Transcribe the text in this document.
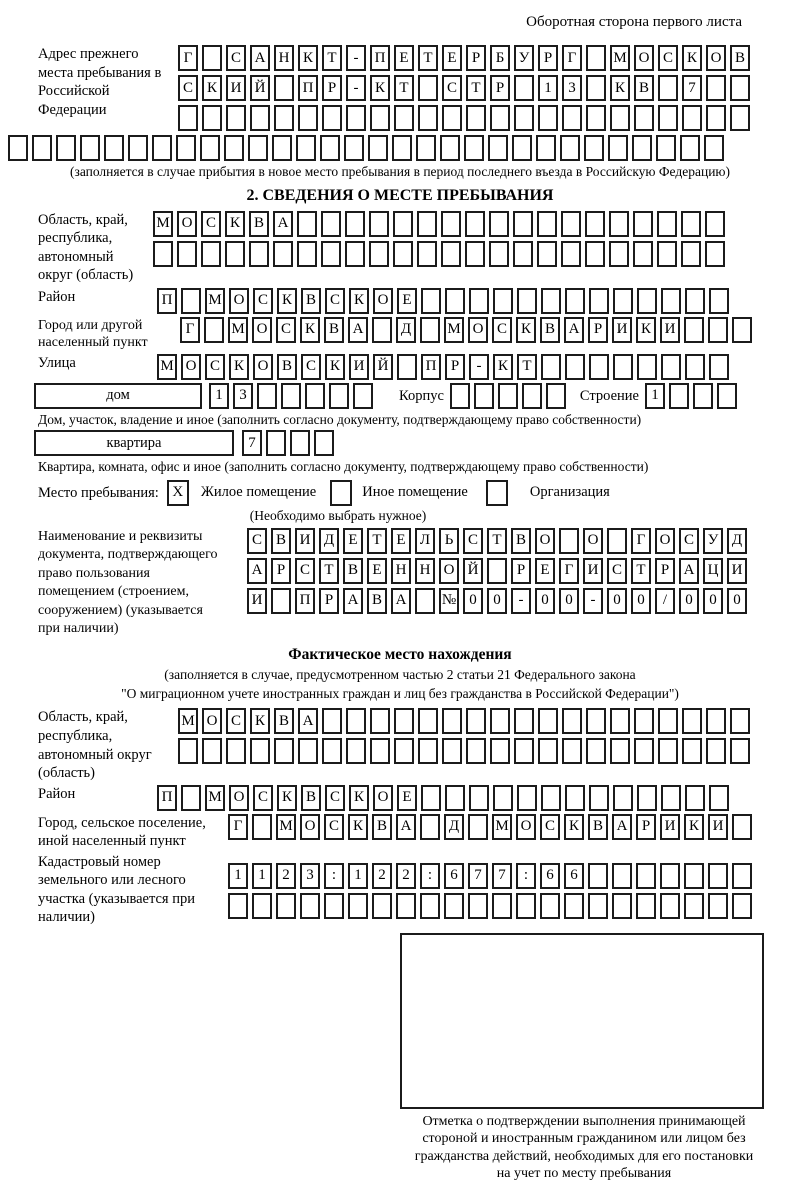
Оборотная сторона первого листа
Адрес прежнего места пребывания в Российской Федерации
Г	С А Н К Т	-	П Е Т Е	Р	Б У Р	Г	М О С К О В
С К И Й	П Р	-	К Т	С Т	Р	1	3	К В	7
(заполняется в случае прибытия в новое место пребывания в период последнего въезда в Российскую Федерацию)
2. СВЕДЕНИЯ О МЕСТЕ ПРЕБЫВАНИЯ
Область, край, республика, автономный округ (область)
М О С К В А
Район	П	М О С К В С К О Е
Город или другой населенный пункт
Г	М О С К В А	Д	М О С К В А Р И К И
Улица	М О С К О В С К И Й	П Р	-	К Т
дом	1	3	Корпус	Строение 1
Дом, участок, владение и иное (заполнить согласно документу, подтверждающему право собственности)
квартира	7
Квартира, комната, офис и иное (заполнить согласно документу, подтверждающему право собственности)
Место пребывания: X	Жилое помещение	Иное помещение	Организация
(Необходимо выбрать нужное)
Наименование и реквизиты документа, подтверждающего право пользования помещением (строением, сооружением) (указывается при наличии)
С В И Д Е Т Е Л Ь С Т В О	О	Г О С У Д
А Р С Т В Е Н Н О Й	Р	Е	Г И С Т	Р А Ц И
И	П Р А В А	№ 0	0	-	0	0	-	0	0	/	0	0	0
Фактическое место нахождения
(заполняется в случае, предусмотренном частью 2 статьи 21 Федерального закона
"О миграционном учете иностранных граждан и лиц без гражданства в Российской Федерации")
Область, край, республика, автономный округ (область)
М О С К В А
Район	П	М О С К В С К О Е
Город, сельское поселение, иной населенный пункт
Г	М О С К В А	Д	М О С К В А Р И К И
Кадастровый номер земельного или лесного участка (указывается при наличии)
1	1	2	3	:	1	2	2	:	6	7	7	:	6	6
Отметка о подтверждении выполнения принимающей
стороной и иностранным гражданином или лицом без
гражданства действий, необходимых для его постановки
на учет по месту пребывания
